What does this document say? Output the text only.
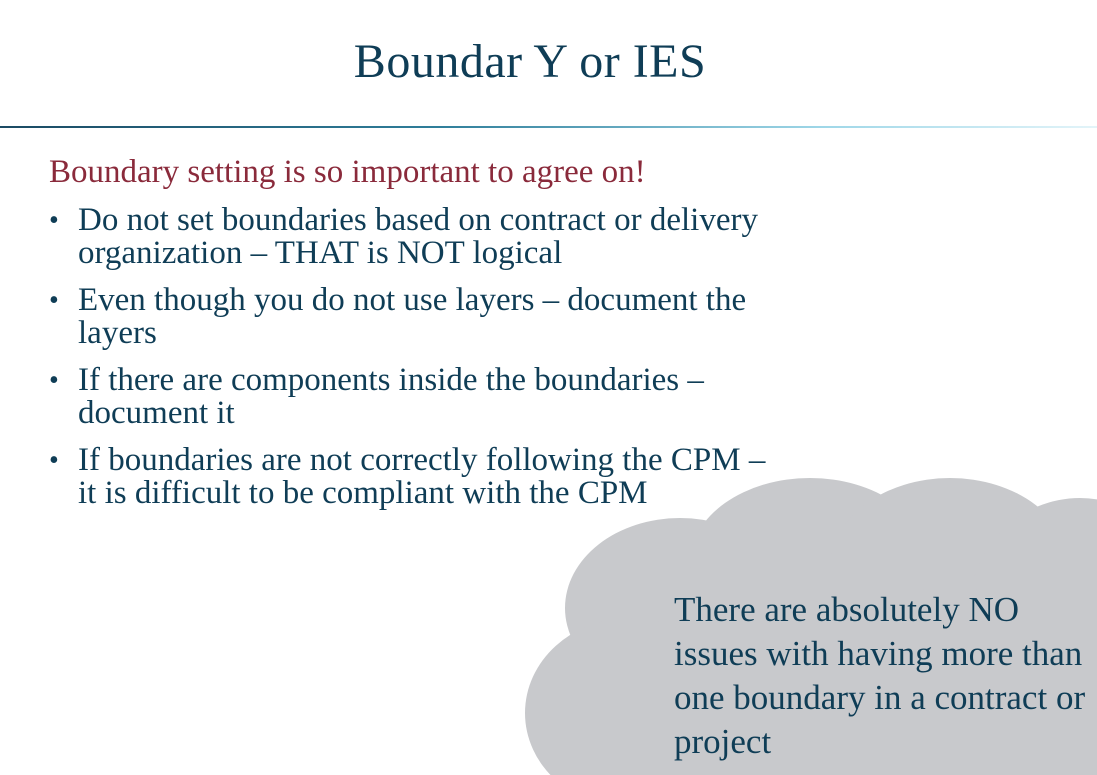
Boundar Y or IES
Boundary setting is so important to agree on!
• Do not set boundaries based on contract or delivery organization – THAT is NOT logical
• Even though you do not use layers – document the layers
• If there are components inside the boundaries – document it
• If boundaries are not correctly following the CPM – it is difficult to be compliant with the CPM
There are absolutely NO issues with having more than one boundary in a contract or project
